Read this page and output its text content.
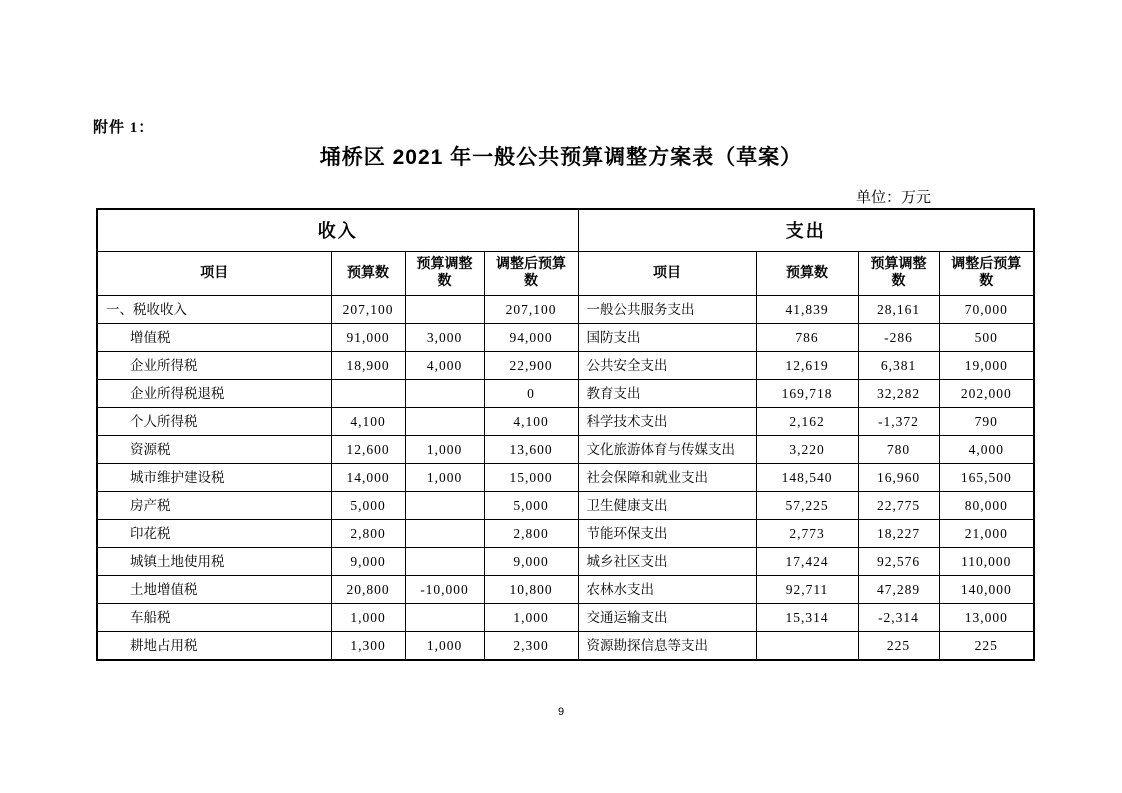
附件 1：
埇桥区 2021 年一般公共预算调整方案表（草案）
单位：万元
收入				支出			
项目	预算数	预算调整数	调整后预算数	项目	预算数	预算调整数	调整后预算数
一、税收收入	207,100		207,100	一般公共服务支出	41,839	28,161	70,000
增值税	91,000	3,000	94,000	国防支出	786	-286	500
企业所得税	18,900	4,000	22,900	公共安全支出	12,619	6,381	19,000
企业所得税退税			0	教育支出	169,718	32,282	202,000
个人所得税	4,100		4,100	科学技术支出	2,162	-1,372	790
资源税	12,600	1,000	13,600	文化旅游体育与传媒支出	3,220	780	4,000
城市维护建设税	14,000	1,000	15,000	社会保障和就业支出	148,540	16,960	165,500
房产税	5,000		5,000	卫生健康支出	57,225	22,775	80,000
印花税	2,800		2,800	节能环保支出	2,773	18,227	21,000
城镇土地使用税	9,000		9,000	城乡社区支出	17,424	92,576	110,000
土地增值税	20,800	-10,000	10,800	农林水支出	92,711	47,289	140,000
车船税	1,000		1,000	交通运输支出	15,314	-2,314	13,000
耕地占用税	1,300	1,000	2,300	资源勘探信息等支出		225	225
9
